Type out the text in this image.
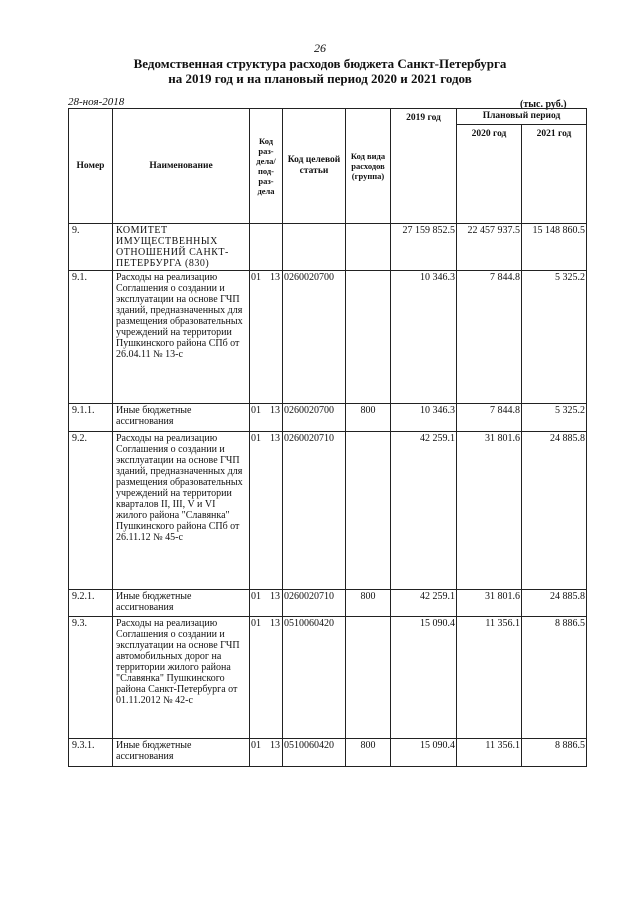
26
Ведомственная структура расходов бюджета Санкт-Петербурга
на 2019 год и на плановый период 2020 и 2021 годов
28-ноя-2018	(тыс. руб.)
Номер	Наименование	Код раз- дела/ под- раз- дела	Код целевой статьи	Код вида расходов (группа)	2019 год	Плановый период	
						2020 год	2021 год
9.	КОМИТЕТ ИМУЩЕСТВЕННЫХ ОТНОШЕНИЙ САНКТ-ПЕТЕРБУРГА (830)				27 159 852.5	22 457 937.5	15 148 860.5
9.1.	Расходы на реализацию Соглашения о создании и эксплуатации на основе ГЧП зданий, предназначенных для размещения образовательных учреждений на территории Пушкинского района СПб от 26.04.11 № 13-с	01 13	0260020700		10 346.3	7 844.8	5 325.2
9.1.1.	Иные бюджетные ассигнования	01 13	0260020700	800	10 346.3	7 844.8	5 325.2
9.2.	Расходы на реализацию Соглашения о создании и эксплуатации на основе ГЧП зданий, предназначенных для размещения образовательных учреждений на территории кварталов II, III, V и VI жилого района "Славянка" Пушкинского района СПб от 26.11.12 № 45-с	01 13	0260020710		42 259.1	31 801.6	24 885.8
9.2.1.	Иные бюджетные ассигнования	01 13	0260020710	800	42 259.1	31 801.6	24 885.8
9.3.	Расходы на реализацию Соглашения о создании и эксплуатации на основе ГЧП автомобильных дорог на территории жилого района "Славянка" Пушкинского района Санкт-Петербурга от 01.11.2012 № 42-с	01 13	0510060420		15 090.4	11 356.1	8 886.5
9.3.1.	Иные бюджетные ассигнования	01 13	0510060420	800	15 090.4	11 356.1	8 886.5
